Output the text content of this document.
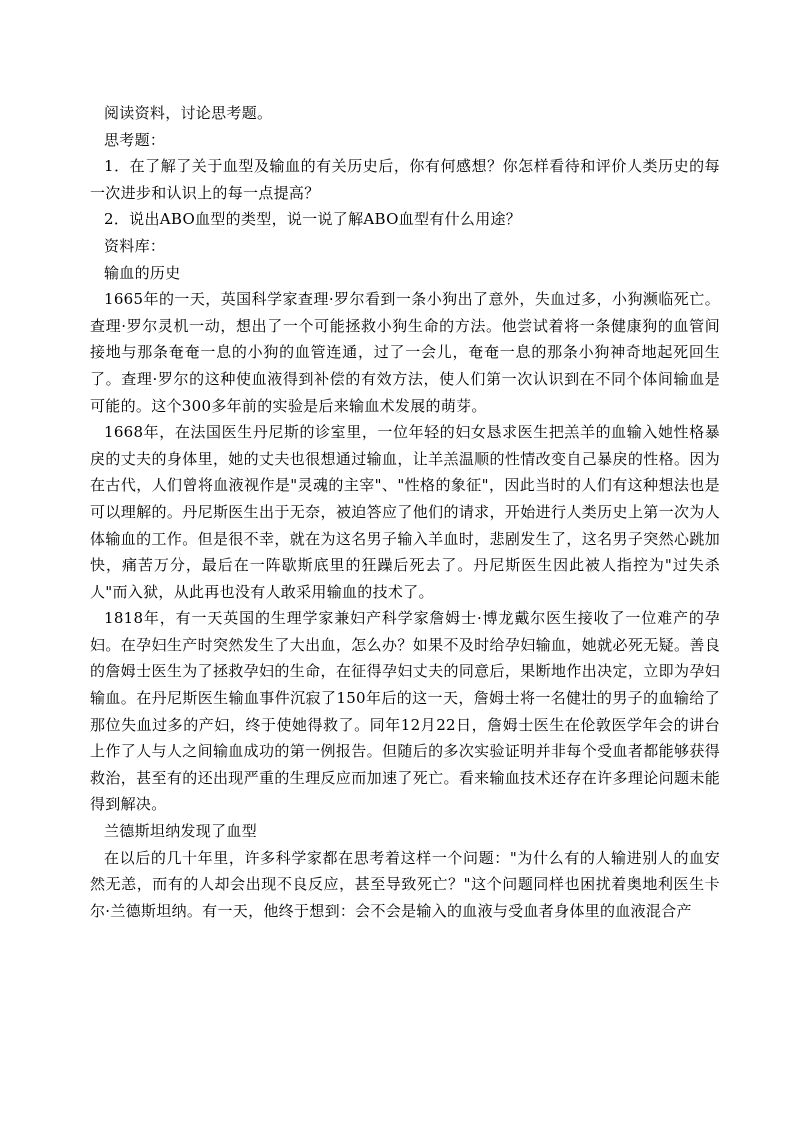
阅读资料，讨论思考题。

思考题：

1．在了解了关于血型及输血的有关历史后，你有何感想？你怎样看待和评价人类历史的每一次进步和认识上的每一点提高？

2．说出ABO血型的类型，说一说了解ABO血型有什么用途？

资料库：

输血的历史

1665年的一天，英国科学家查理·罗尔看到一条小狗出了意外，失血过多，小狗濒临死亡。查理·罗尔灵机一动，想出了一个可能拯救小狗生命的方法。他尝试着将一条健康狗的血管间接地与那条奄奄一息的小狗的血管连通，过了一会儿，奄奄一息的那条小狗神奇地起死回生了。查理·罗尔的这种使血液得到补偿的有效方法，使人们第一次认识到在不同个体间输血是可能的。这个300多年前的实验是后来输血术发展的萌芽。

1668年，在法国医生丹尼斯的诊室里，一位年轻的妇女恳求医生把羔羊的血输入她性格暴戾的丈夫的身体里，她的丈夫也很想通过输血，让羊羔温顺的性情改变自己暴戾的性格。因为在古代，人们曾将血液视作是"灵魂的主宰"、"性格的象征"，因此当时的人们有这种想法也是可以理解的。丹尼斯医生出于无奈，被迫答应了他们的请求，开始进行人类历史上第一次为人体输血的工作。但是很不幸，就在为这名男子输入羊血时，悲剧发生了，这名男子突然心跳加快，痛苦万分，最后在一阵歇斯底里的狂躁后死去了。丹尼斯医生因此被人指控为"过失杀人"而入狱，从此再也没有人敢采用输血的技术了。

1818年，有一天英国的生理学家兼妇产科学家詹姆士·博龙戴尔医生接收了一位难产的孕妇。在孕妇生产时突然发生了大出血，怎么办？如果不及时给孕妇输血，她就必死无疑。善良的詹姆士医生为了拯救孕妇的生命，在征得孕妇丈夫的同意后，果断地作出决定，立即为孕妇输血。在丹尼斯医生输血事件沉寂了150年后的这一天，詹姆士将一名健壮的男子的血输给了那位失血过多的产妇，终于使她得救了。同年12月22日，詹姆士医生在伦敦医学年会的讲台上作了人与人之间输血成功的第一例报告。但随后的多次实验证明并非每个受血者都能够获得救治，甚至有的还出现严重的生理反应而加速了死亡。看来输血技术还存在许多理论问题未能得到解决。

兰德斯坦纳发现了血型

在以后的几十年里，许多科学家都在思考着这样一个问题："为什么有的人输进别人的血安然无恙，而有的人却会出现不良反应，甚至导致死亡？"这个问题同样也困扰着奥地利医生卡尔·兰德斯坦纳。有一天，他终于想到：会不会是输入的血液与受血者身体里的血液混合产
